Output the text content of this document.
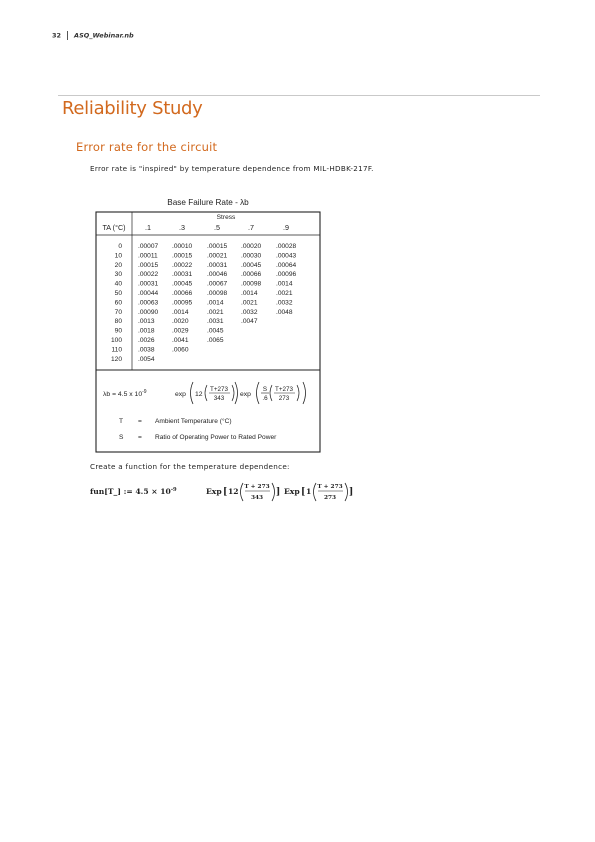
32 ASQ_Webinar.nb
Reliability Study
Error rate for the circuit
Error rate is "inspired" by temperature dependence from MIL-HDBK-217F.
Base Failure Rate - λb
Stress
TA (°C)	.1	.3	.5	.7	.9
0 .00007 .00010 .00015 .00020 .00028
10 .00011 .00015 .00021 .00030 .00043
20 .00015 .00022 .00031 .00045 .00064
30 .00022 .00031 .00046 .00066 .00096
40 .00031 .00045 .00067 .00098 .0014
50 .00044 .00066 .00098 .0014	.0021
60 .00063 .00095 .0014	.0021	.0032
70 .00090 .0014	.0021	.0032	.0048
80 .0013	.0020	.0031	.0047
90 .0018	.0029	.0045
100 .0026	.0041	.0065
110 .0038	.0060
120 .0054
λb = 4.5 x $10^{-9}$	exp 12
T+273
343
exp
S
.6
T+273
273
T = Ambient Temperature (°C)
S = Ratio of Operating Power to Rated Power
Create a function for the temperature dependence:
fun[T_] := $4.5 \times 10^{-9}$	Exp [ 12 T + 273
343
] Exp [ 1 T + 273
273
]
